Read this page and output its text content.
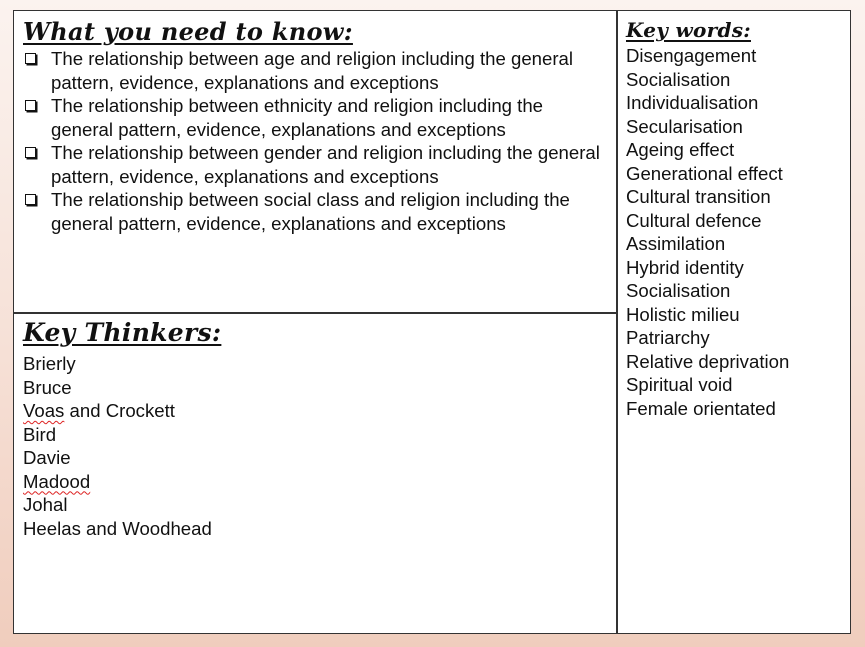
What you need to know:
The relationship between age and religion including the general pattern, evidence, explanations and exceptions
The relationship between ethnicity and religion including the general pattern, evidence, explanations and exceptions
The relationship between gender and religion including the general pattern, evidence, explanations and exceptions
The relationship between social class and religion including the general pattern, evidence, explanations and exceptions
Key Thinkers:
Brierly
Bruce
Voas and Crockett
Bird
Davie
Madood
Johal
Heelas and Woodhead
Key words:
Disengagement
Socialisation
Individualisation
Secularisation
Ageing effect
Generational effect
Cultural transition
Cultural defence
Assimilation
Hybrid identity
Socialisation
Holistic milieu
Patriarchy
Relative deprivation
Spiritual void
Female orientated
